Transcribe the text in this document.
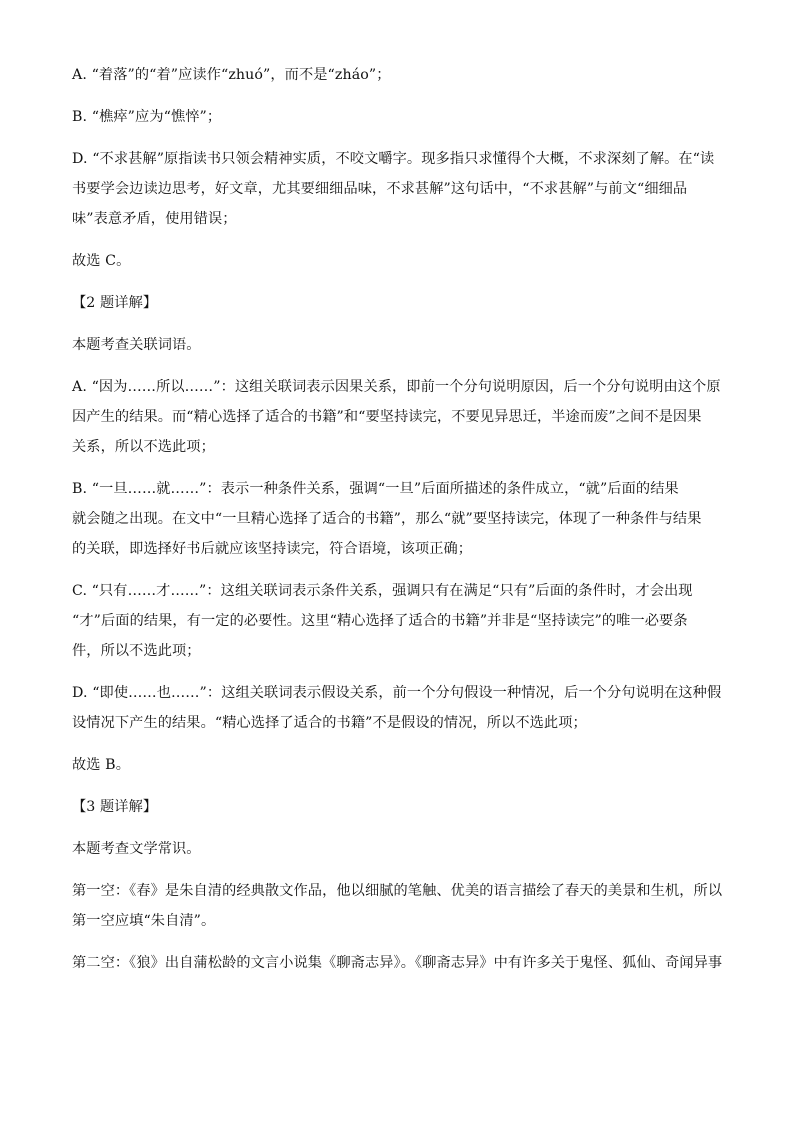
A. “着落”的“着”应读作“zhuó”，而不是“zháo”；
B. “樵瘁”应为“憔悴”；
D. “不求甚解”原指读书只领会精神实质，不咬文嚼字。现多指只求懂得个大概，不求深刻了解。在“读
书要学会边读边思考，好文章，尤其要细细品味，不求甚解”这句话中，“不求甚解”与前文“细细品
味”表意矛盾，使用错误；
故选 C。
【2 题详解】
本题考查关联词语。
A. “因为……所以……”：这组关联词表示因果关系，即前一个分句说明原因，后一个分句说明由这个原
因产生的结果。而“精心选择了适合的书籍”和“要坚持读完，不要见异思迁，半途而废”之间不是因果
关系，所以不选此项；
B. “一旦……就……”：表示一种条件关系，强调“一旦”后面所描述的条件成立，“就”后面的结果
就会随之出现。在文中“一旦精心选择了适合的书籍”，那么“就”要坚持读完，体现了一种条件与结果
的关联，即选择好书后就应该坚持读完，符合语境，该项正确；
C. “只有……才……”：这组关联词表示条件关系，强调只有在满足“只有”后面的条件时，才会出现
“才”后面的结果，有一定的必要性。这里“精心选择了适合的书籍”并非是“坚持读完”的唯一必要条
件，所以不选此项；
D. “即使……也……”：这组关联词表示假设关系，前一个分句假设一种情况，后一个分句说明在这种假
设情况下产生的结果。“精心选择了适合的书籍”不是假设的情况，所以不选此项；
故选 B。
【3 题详解】
本题考查文学常识。
第一空：《春》是朱自清的经典散文作品，他以细腻的笔触、优美的语言描绘了春天的美景和生机，所以
第一空应填“朱自清”。
第二空：《狼》出自蒲松龄的文言小说集《聊斋志异》。《聊斋志异》中有许多关于鬼怪、狐仙、奇闻异事
